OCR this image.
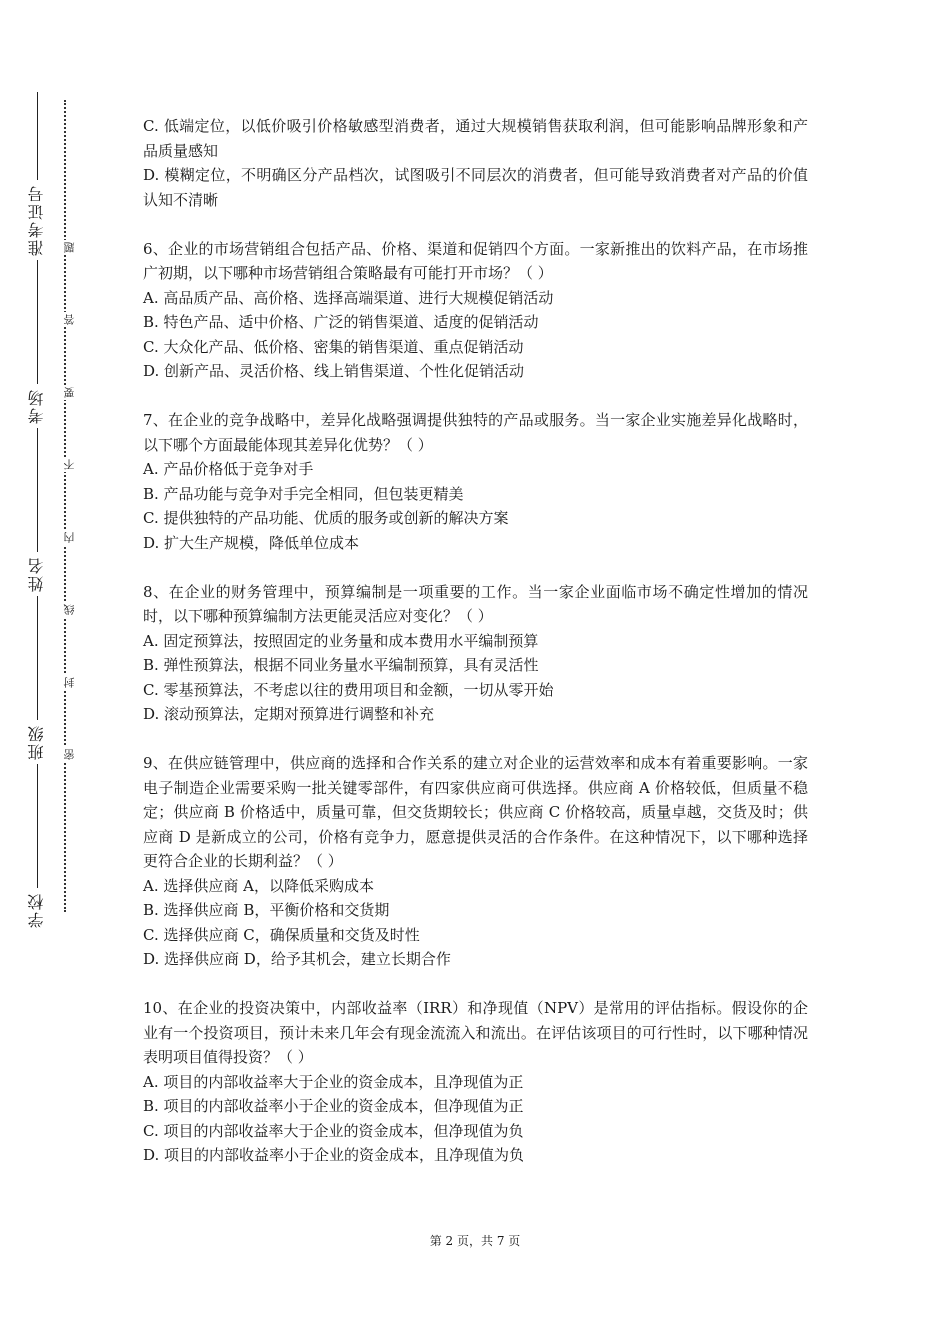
准考证号
考场
姓名
班级
学校
题
答
要
不
内
线
封
密

C. 低端定位，以低价吸引价格敏感型消费者，通过大规模销售获取利润，但可能影响品牌形象和产品质量感知

D. 模糊定位，不明确区分产品档次，试图吸引不同层次的消费者，但可能导致消费者对产品的价值认知不清晰

6、企业的市场营销组合包括产品、价格、渠道和促销四个方面。一家新推出的饮料产品，在市场推广初期，以下哪种市场营销组合策略最有可能打开市场？（ ）

A. 高品质产品、高价格、选择高端渠道、进行大规模促销活动

B. 特色产品、适中价格、广泛的销售渠道、适度的促销活动

C. 大众化产品、低价格、密集的销售渠道、重点促销活动

D. 创新产品、灵活价格、线上销售渠道、个性化促销活动

7、在企业的竞争战略中，差异化战略强调提供独特的产品或服务。当一家企业实施差异化战略时，以下哪个方面最能体现其差异化优势？（ ）

A. 产品价格低于竞争对手

B. 产品功能与竞争对手完全相同，但包装更精美

C. 提供独特的产品功能、优质的服务或创新的解决方案

D. 扩大生产规模，降低单位成本

8、在企业的财务管理中，预算编制是一项重要的工作。当一家企业面临市场不确定性增加的情况时，以下哪种预算编制方法更能灵活应对变化？（ ）

A. 固定预算法，按照固定的业务量和成本费用水平编制预算

B. 弹性预算法，根据不同业务量水平编制预算，具有灵活性

C. 零基预算法，不考虑以往的费用项目和金额，一切从零开始

D. 滚动预算法，定期对预算进行调整和补充

9、在供应链管理中，供应商的选择和合作关系的建立对企业的运营效率和成本有着重要影响。一家电子制造企业需要采购一批关键零部件，有四家供应商可供选择。供应商 A 价格较低，但质量不稳定；供应商 B 价格适中，质量可靠，但交货期较长；供应商 C 价格较高，质量卓越，交货及时；供应商 D 是新成立的公司，价格有竞争力，愿意提供灵活的合作条件。在这种情况下，以下哪种选择更符合企业的长期利益？（ ）

A. 选择供应商 A，以降低采购成本

B. 选择供应商 B，平衡价格和交货期

C. 选择供应商 C，确保质量和交货及时性

D. 选择供应商 D，给予其机会，建立长期合作

10、在企业的投资决策中，内部收益率（IRR）和净现值（NPV）是常用的评估指标。假设你的企业有一个投资项目，预计未来几年会有现金流流入和流出。在评估该项目的可行性时，以下哪种情况表明项目值得投资？（ ）

A. 项目的内部收益率大于企业的资金成本，且净现值为正

B. 项目的内部收益率小于企业的资金成本，但净现值为正

C. 项目的内部收益率大于企业的资金成本，但净现值为负

D. 项目的内部收益率小于企业的资金成本，且净现值为负

第 2 页，共 7 页
